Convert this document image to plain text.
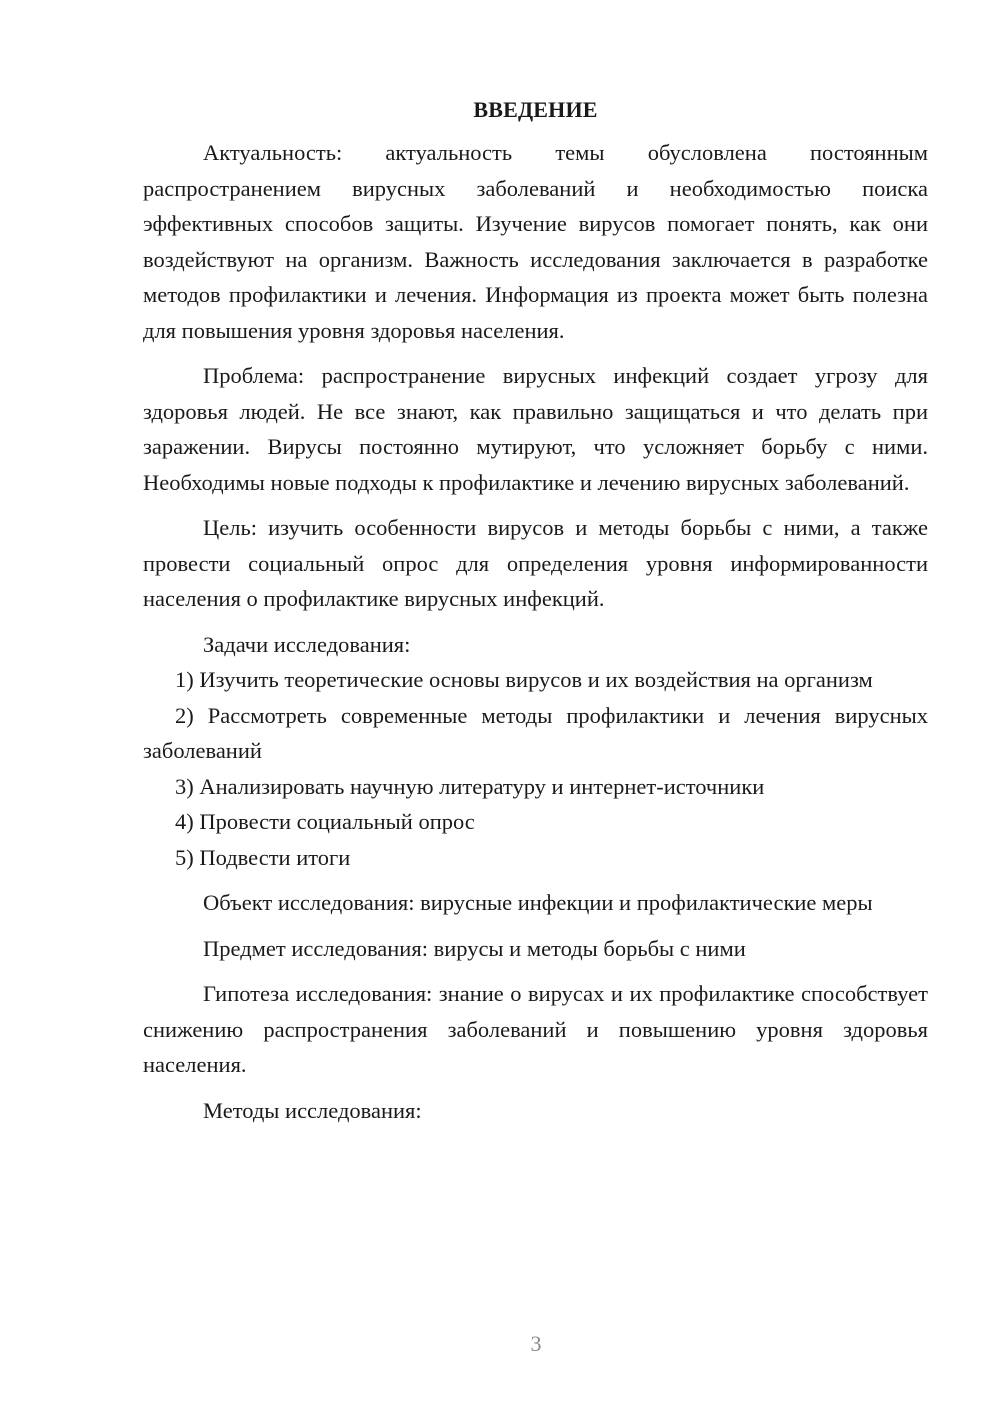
ВВЕДЕНИЕ

Актуальность: актуальность темы обусловлена постоянным распространением вирусных заболеваний и необходимостью поиска эффективных способов защиты. Изучение вирусов помогает понять, как они воздействуют на организм. Важность исследования заключается в разработке методов профилактики и лечения. Информация из проекта может быть полезна для повышения уровня здоровья населения.

Проблема: распространение вирусных инфекций создает угрозу для здоровья людей. Не все знают, как правильно защищаться и что делать при заражении. Вирусы постоянно мутируют, что усложняет борьбу с ними. Необходимы новые подходы к профилактике и лечению вирусных заболеваний.

Цель: изучить особенности вирусов и методы борьбы с ними, а также провести социальный опрос для определения уровня информированности населения о профилактике вирусных инфекций.

Задачи исследования:

1) Изучить теоретические основы вирусов и их воздействия на организм

2) Рассмотреть современные методы профилактики и лечения вирусных заболеваний

3) Анализировать научную литературу и интернет-источники

4) Провести социальный опрос

5) Подвести итоги

Объект исследования: вирусные инфекции и профилактические меры

Предмет исследования: вирусы и методы борьбы с ними

Гипотеза исследования: знание о вирусах и их профилактике способствует снижению распространения заболеваний и повышению уровня здоровья населения.

Методы исследования:

3
